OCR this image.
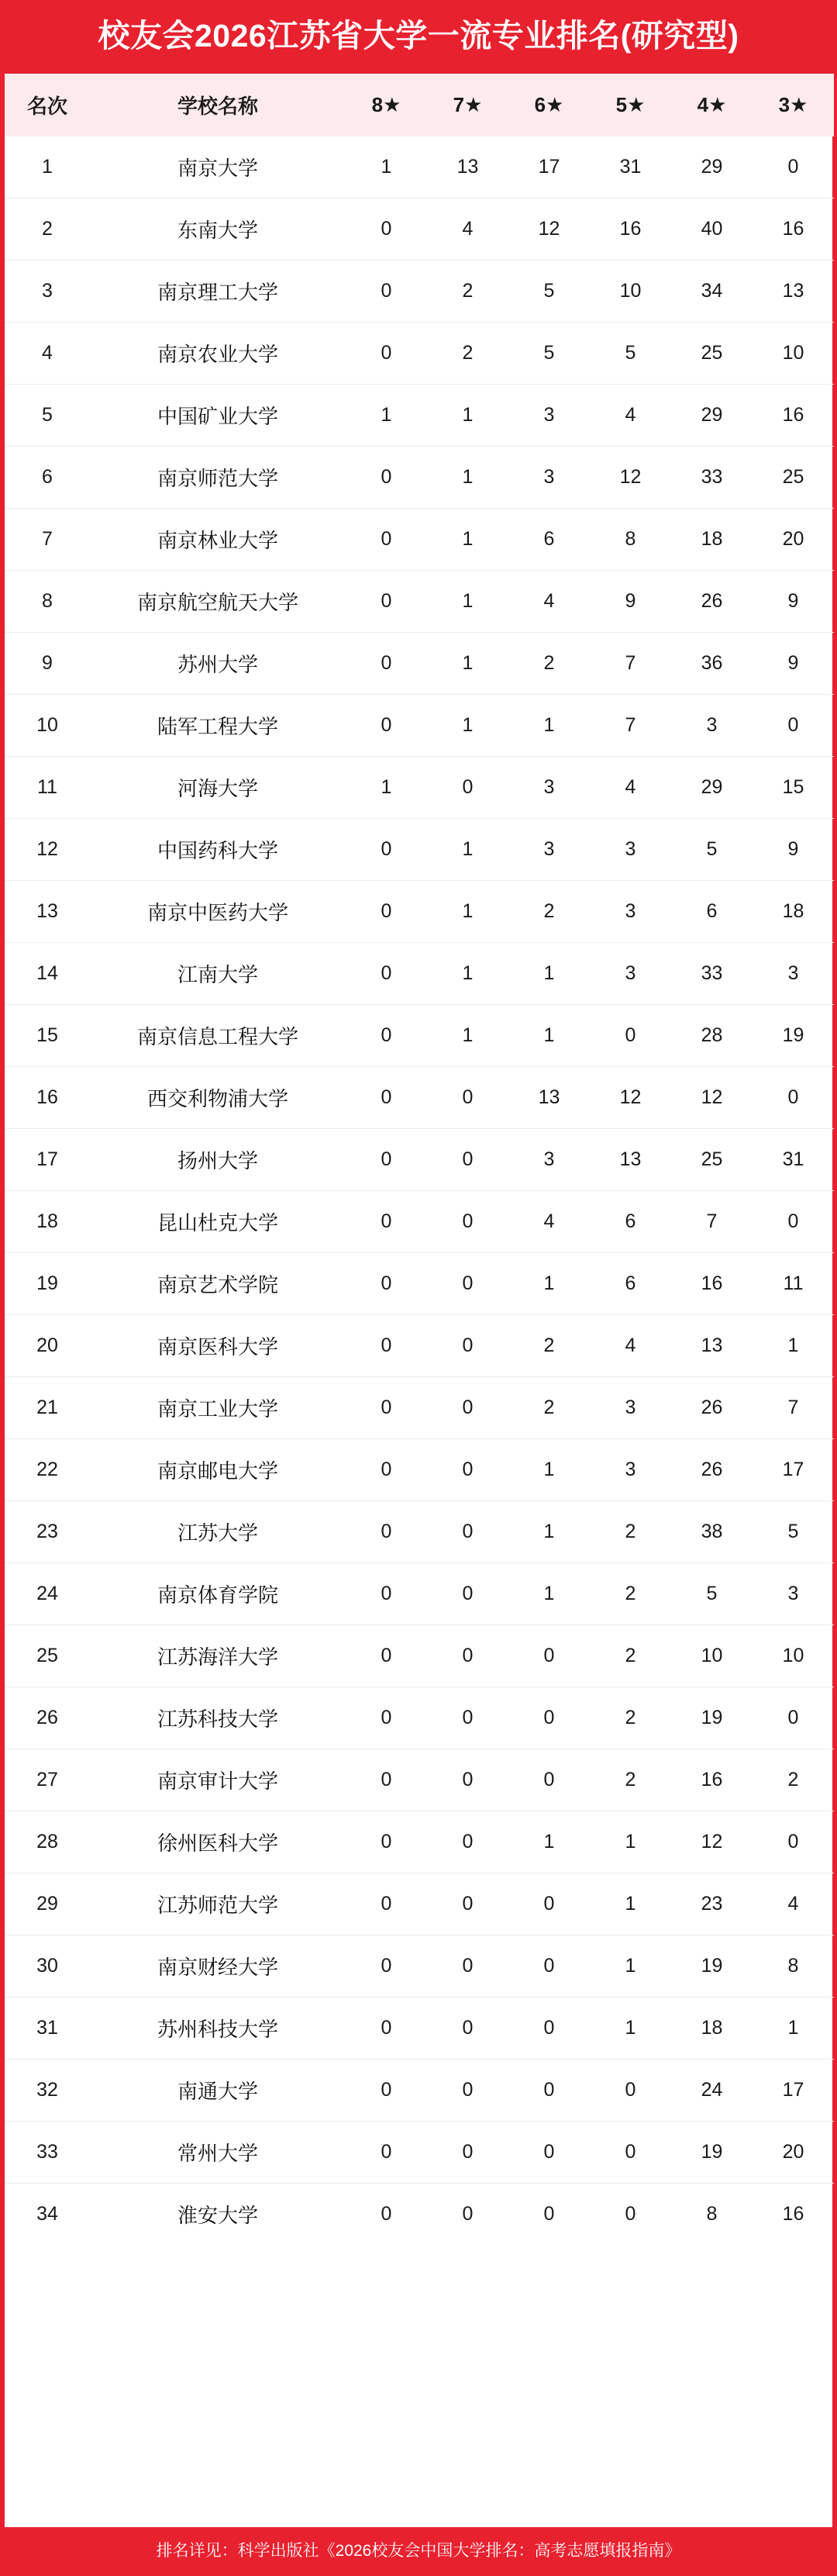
校友会2026江苏省大学一流专业排名(研究型)
名次	学校名称	8★	7★	6★	5★	4★	3★
1	南京大学	1	13	17	31	29	0
2	东南大学	0	4	12	16	40	16
3	南京理工大学	0	2	5	10	34	13
4	南京农业大学	0	2	5	5	25	10
5	中国矿业大学	1	1	3	4	29	16
6	南京师范大学	0	1	3	12	33	25
7	南京林业大学	0	1	6	8	18	20
8	南京航空航天大学	0	1	4	9	26	9
9	苏州大学	0	1	2	7	36	9
10	陆军工程大学	0	1	1	7	3	0
11	河海大学	1	0	3	4	29	15
12	中国药科大学	0	1	3	3	5	9
13	南京中医药大学	0	1	2	3	6	18
14	江南大学	0	1	1	3	33	3
15	南京信息工程大学	0	1	1	0	28	19
16	西交利物浦大学	0	0	13	12	12	0
17	扬州大学	0	0	3	13	25	31
18	昆山杜克大学	0	0	4	6	7	0
19	南京艺术学院	0	0	1	6	16	11
20	南京医科大学	0	0	2	4	13	1
21	南京工业大学	0	0	2	3	26	7
22	南京邮电大学	0	0	1	3	26	17
23	江苏大学	0	0	1	2	38	5
24	南京体育学院	0	0	1	2	5	3
25	江苏海洋大学	0	0	0	2	10	10
26	江苏科技大学	0	0	0	2	19	0
27	南京审计大学	0	0	0	2	16	2
28	徐州医科大学	0	0	1	1	12	0
29	江苏师范大学	0	0	0	1	23	4
30	南京财经大学	0	0	0	1	19	8
31	苏州科技大学	0	0	0	1	18	1
32	南通大学	0	0	0	0	24	17
33	常州大学	0	0	0	0	19	20
34	淮安大学	0	0	0	0	8	16
排名详见：科学出版社《2026校友会中国大学排名：高考志愿填报指南》
